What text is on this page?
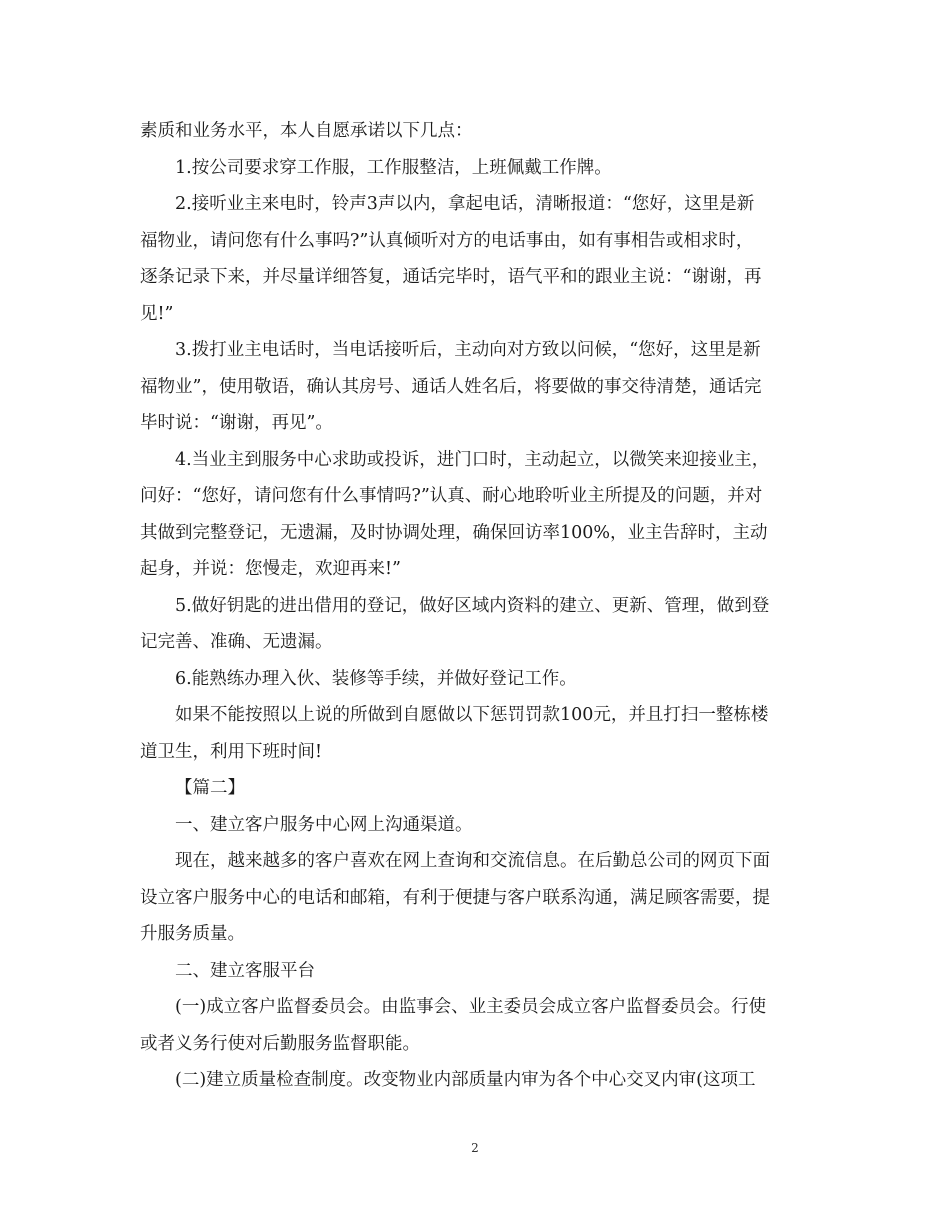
素质和业务水平，本人自愿承诺以下几点：

1.按公司要求穿工作服，工作服整洁，上班佩戴工作牌。

2.接听业主来电时，铃声3声以内，拿起电话，清晰报道：“您好，这里是新
福物业，请问您有什么事吗?”认真倾听对方的电话事由，如有事相告或相求时，
逐条记录下来，并尽量详细答复，通话完毕时，语气平和的跟业主说：“谢谢，再
见!”

3.拨打业主电话时，当电话接听后，主动向对方致以问候，“您好，这里是新
福物业”，使用敬语，确认其房号、通话人姓名后，将要做的事交待清楚，通话完
毕时说：“谢谢，再见”。

4.当业主到服务中心求助或投诉，进门口时，主动起立，以微笑来迎接业主，
问好：“您好，请问您有什么事情吗?”认真、耐心地聆听业主所提及的问题，并对
其做到完整登记，无遗漏，及时协调处理，确保回访率100%，业主告辞时，主动
起身，并说：您慢走，欢迎再来!”

5.做好钥匙的进出借用的登记，做好区域内资料的建立、更新、管理，做到登
记完善、准确、无遗漏。

6.能熟练办理入伙、装修等手续，并做好登记工作。

如果不能按照以上说的所做到自愿做以下惩罚罚款100元，并且打扫一整栋楼
道卫生，利用下班时间!

【篇二】

一、建立客户服务中心网上沟通渠道。

现在，越来越多的客户喜欢在网上查询和交流信息。在后勤总公司的网页下面
设立客户服务中心的电话和邮箱，有利于便捷与客户联系沟通，满足顾客需要，提
升服务质量。

二、建立客服平台

(一)成立客户监督委员会。由监事会、业主委员会成立客户监督委员会。行使
或者义务行使对后勤服务监督职能。

(二)建立质量检查制度。改变物业内部质量内审为各个中心交叉内审(这项工

2
